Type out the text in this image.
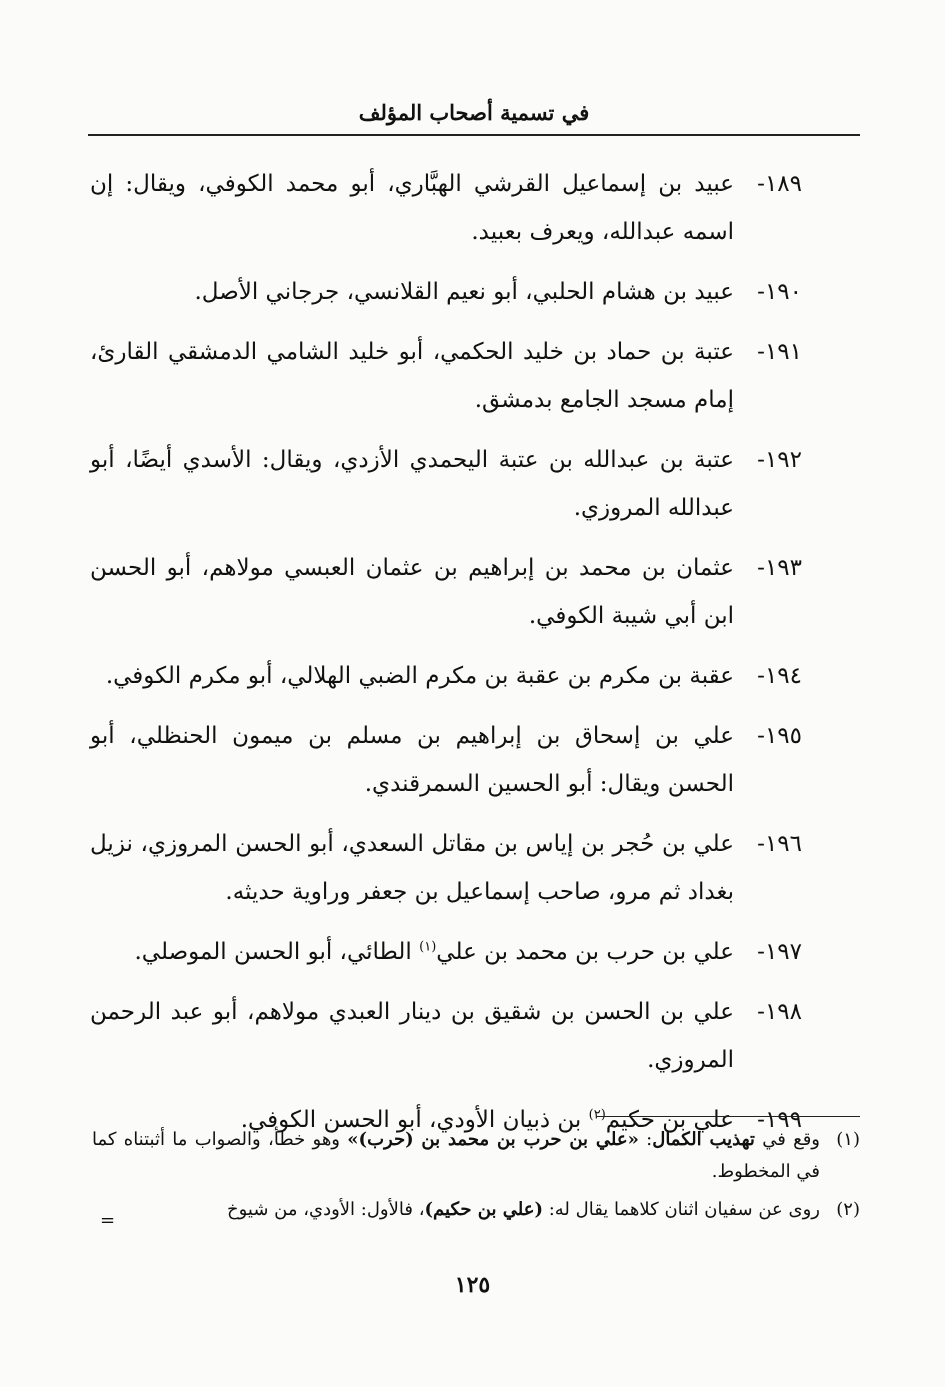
في تسمية أصحاب المؤلف
١٨٩-
عبيد بن إسماعيل القرشي الهبَّاري، أبو محمد الكوفي، ويقال: إن اسمه عبدالله، ويعرف بعبيد.
١٩٠-
عبيد بن هشام الحلبي، أبو نعيم القلانسي، جرجاني الأصل.
١٩١-
عتبة بن حماد بن خليد الحكمي، أبو خليد الشامي الدمشقي القارئ، إمام مسجد الجامع بدمشق.
١٩٢-
عتبة بن عبدالله بن عتبة اليحمدي الأزدي، ويقال: الأسدي أيضًا، أبو عبدالله المروزي.
١٩٣-
عثمان بن محمد بن إبراهيم بن عثمان العبسي مولاهم، أبو الحسن ابن أبي شيبة الكوفي.
١٩٤-
عقبة بن مكرم بن عقبة بن مكرم الضبي الهلالي، أبو مكرم الكوفي.
١٩٥-
علي بن إسحاق بن إبراهيم بن مسلم بن ميمون الحنظلي، أبو الحسن ويقال: أبو الحسين السمرقندي.
١٩٦-
علي بن حُجر بن إياس بن مقاتل السعدي، أبو الحسن المروزي، نزيل بغداد ثم مرو، صاحب إسماعيل بن جعفر وراوية حديثه.
١٩٧-
علي بن حرب بن محمد بن علي$^{(١)}$ الطائي، أبو الحسن الموصلي.
١٩٨-
علي بن الحسن بن شقيق بن دينار العبدي مولاهم، أبو عبد الرحمن المروزي.
١٩٩-
علي بن حكيم$^{(٢)}$ بن ذبيان الأودي، أبو الحسن الكوفي.
(١)
وقع في تهذيب الكمال: «علي بن حرب بن محمد بن (حرب)» وهو خطأ، والصواب ما أثبتناه كما في المخطوط.
(٢)
روى عن سفيان اثنان كلاهما يقال له: (علي بن حكيم)، فالأول: الأودي، من شيوخ
=
١٢٥
